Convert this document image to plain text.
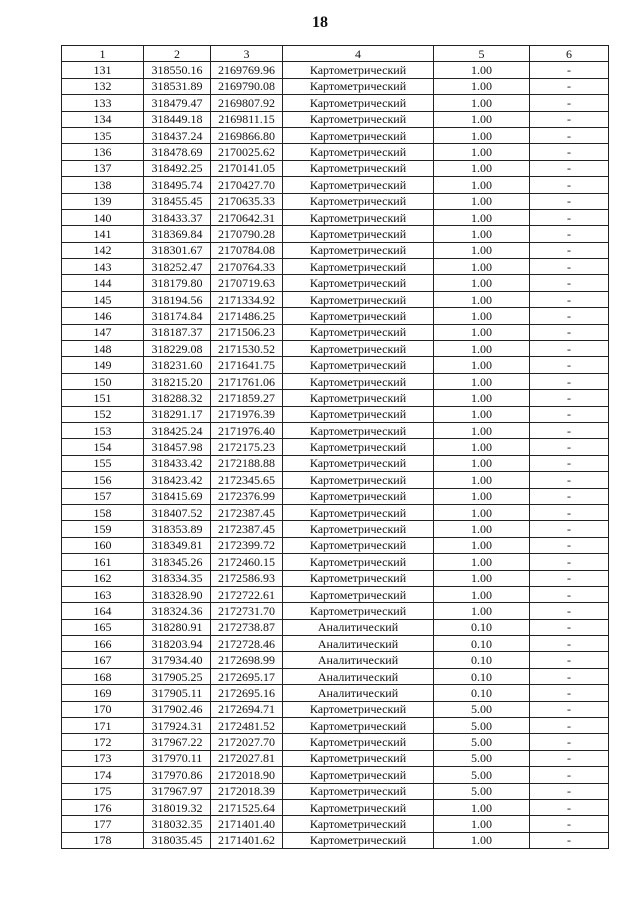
18
1	2	3	4	5	6
131	318550.16	2169769.96	Картометрический	1.00	-
132	318531.89	2169790.08	Картометрический	1.00	-
133	318479.47	2169807.92	Картометрический	1.00	-
134	318449.18	2169811.15	Картометрический	1.00	-
135	318437.24	2169866.80	Картометрический	1.00	-
136	318478.69	2170025.62	Картометрический	1.00	-
137	318492.25	2170141.05	Картометрический	1.00	-
138	318495.74	2170427.70	Картометрический	1.00	-
139	318455.45	2170635.33	Картометрический	1.00	-
140	318433.37	2170642.31	Картометрический	1.00	-
141	318369.84	2170790.28	Картометрический	1.00	-
142	318301.67	2170784.08	Картометрический	1.00	-
143	318252.47	2170764.33	Картометрический	1.00	-
144	318179.80	2170719.63	Картометрический	1.00	-
145	318194.56	2171334.92	Картометрический	1.00	-
146	318174.84	2171486.25	Картометрический	1.00	-
147	318187.37	2171506.23	Картометрический	1.00	-
148	318229.08	2171530.52	Картометрический	1.00	-
149	318231.60	2171641.75	Картометрический	1.00	-
150	318215.20	2171761.06	Картометрический	1.00	-
151	318288.32	2171859.27	Картометрический	1.00	-
152	318291.17	2171976.39	Картометрический	1.00	-
153	318425.24	2171976.40	Картометрический	1.00	-
154	318457.98	2172175.23	Картометрический	1.00	-
155	318433.42	2172188.88	Картометрический	1.00	-
156	318423.42	2172345.65	Картометрический	1.00	-
157	318415.69	2172376.99	Картометрический	1.00	-
158	318407.52	2172387.45	Картометрический	1.00	-
159	318353.89	2172387.45	Картометрический	1.00	-
160	318349.81	2172399.72	Картометрический	1.00	-
161	318345.26	2172460.15	Картометрический	1.00	-
162	318334.35	2172586.93	Картометрический	1.00	-
163	318328.90	2172722.61	Картометрический	1.00	-
164	318324.36	2172731.70	Картометрический	1.00	-
165	318280.91	2172738.87	Аналитический	0.10	-
166	318203.94	2172728.46	Аналитический	0.10	-
167	317934.40	2172698.99	Аналитический	0.10	-
168	317905.25	2172695.17	Аналитический	0.10	-
169	317905.11	2172695.16	Аналитический	0.10	-
170	317902.46	2172694.71	Картометрический	5.00	-
171	317924.31	2172481.52	Картометрический	5.00	-
172	317967.22	2172027.70	Картометрический	5.00	-
173	317970.11	2172027.81	Картометрический	5.00	-
174	317970.86	2172018.90	Картометрический	5.00	-
175	317967.97	2172018.39	Картометрический	5.00	-
176	318019.32	2171525.64	Картометрический	1.00	-
177	318032.35	2171401.40	Картометрический	1.00	-
178	318035.45	2171401.62	Картометрический	1.00	-
